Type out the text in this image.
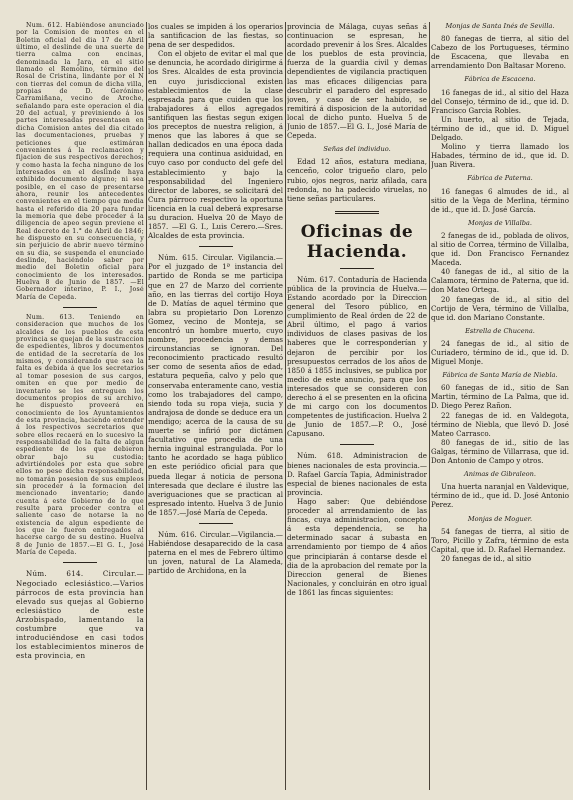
Num. 612. Habiéndose anunciado por la Comision de montes en el Boletin oficial del dia 17 de Abril último, el deslinde de una suerte de tierra calma con encinas, denominada la Jara, en el sitio llamado el Remolino, término del Rosal de Cristina, lindante por el N con tierras del comun de dicha villa, propias de D. Gerónimo Carramiñana, vecino de Aroche, señalando para este operacion el dia 20 del actual, y previniendo á los partes interesadas presentasen en dicha Comision antes del dia citado las documentaciones, pruebas y peticiones que estimáran convenientes á la reclamacion y fijacion de sus respectivos derechos; y como hasta la fecha ninguno de los interesados en el deslinde haya exhibido documento alguno; ni sea posible, en el caso de presentarse ahora, reunir los antecedentes convenientes en el tiempo que media hasta el referido dia 20 para fundar la memoria que debe proceder á la diligencia de apeo segun previene el Real decreto de 1.° de Abril de 1846; he dispuesto en su consecuencia, y sin perjuicio de abrir nuevo término en su dia, se suspenda el enunciado deslinde, haciéndolo saber por medio del Boletin oficial para conocimiento de los interesados. Huelva 8 de Junio de 1857. —El Gobernador interino, P. I., José María de Cepeda.

Num. 613. Teniendo en consideracion que muchos de los alcaldes de los pueblos de esta provincia se quejan de la sustraccion de espedientes, libros y documentos de entidad de la secretaría de los mismos, y considerando que sea la falta es debida á que los secretarios al tomar posesion de sus cargos, omiten en que por medio de inventario se les entreguen los documentos propios de su archivo, he dispuesto proveerá en conocimiento de los Ayuntamientos de esta provincia, haciendo entender á los respectivos secretarios que sobre ellos recaerá en lo sucesivo la responsabilidad de la falta de algun espediente de los que debieron obrar bajo su custodia; advirtiéndoles por esta que sobre ellos no pese dicha responsabilidad, no tomarán posesion de sus empleos sin proceder á la formacion del mencionado inventario; dando cuenta á este Gobierno de lo que resulte para proceder contra el saliente caso de notarse la no existencia de algun espediente de los que le fueron entregados al hacerse cargo de su destino. Huelva 8 de Junio de 1857.—El G. I., José María de Cepeda.

Núm. 614. Circular.—Negociado eclesiástico.—Varios párrocos de esta provincia han elevado sus quejas al Gobierno eclesiástico de este Arzobispado, lamentando la costumbre que va introduciéndose en casi todos los establecimientos mineros de esta provincia, en

los cuales se impiden á los operarios la santificacion de las fiestas, so pena de ser despedidos.

Con el objeto de evitar el mal que se denuncia, he acordado dirigirme á los Sres. Alcaldes de esta provincia en cuyo jurisdiccional existen establecimientos de la clase espresada para que cuiden que los trabajadores á ellos agregados santifiquen las fiestas segun exigen los preceptos de nuestra religion, á menos que las labores á que se hallan dedicados en una época dada requiera una continua asiduidad, en cuyo caso por conducto del gefe del establecimiento y bajo la responsabilidad del Ingeniero director de labores, se solicitará del Cura párroco respectivo la oportuna licencia en la cual deberá expresarse su duracion. Huelva 20 de Mayo de 1857. —El G. I., Luis Cerero.—Sres. Alcaldes de esta provincia.

Núm. 615. Circular. Vigilancia.—Por el juzgado de 1ª instancia del partido de Ronda se me participa que en 27 de Marzo del corriente año, en las tierras del cortijo Hoya de D. Matías de aquel término que labra su propietario Don Lorenzo Gomez, vecino de Monteja, se encontró un hombre muerto, cuyo nombre, procedencia y demas circunstancias se ignoran. Del reconocimiento practicado resultó ser como de sesenta años de edad, estatura pequeña, calvo y pelo que conservaba enteramente cano, vestia como los trabajadores del campo, siendo toda su ropa vieja, sucia y andrajosa de donde se deduce era un mendigo; acerca de la causa de su muerte se infirió por dictámen facultativo que procedia de una hernia inguinal estrangulada. Por lo tanto he acordado se haga público en este periódico oficial para que pueda llegar á noticia de persona interesada que declare é ilustre las averiguaciones que se practican al espresado intento. Huelva 3 de Junio de 1857.—José María de Cepeda.

Núm. 616. Circular.—Vigilancia.—Habiéndose desaparecido de la casa paterna en el mes de Febrero último un joven, natural de La Alameda, partido de Archidona, en la

provincia de Málaga, cuyas señas á continuacion se espresan, he acordado prevenir á los Sres. Alcaldes de los pueblos de esta provincia, fuerza de la guardia civil y demas dependientes de vigilancia practiquen las mas eficaces diligencias para descubrir el paradero del espresado joven, y caso de ser habido, se remitirá á disposicion de la autoridad local de dicho punto. Huelva 5 de Junio de 1857.—El G. I., José María de Cepeda.

Señas del individuo.

Edad 12 años, estatura mediana, cenceño, color trigueño claro, pelo rubio, ojos negros, nariz afilada, cara redonda, no ha padecido viruelas, no tiene señas particulares.

Oficinas de Hacienda.

Núm. 617. Contaduría de Hacienda pública de la provincia de Huelva.—Estando acordado por la Direccion general del Tesoro público, en cumplimiento de Real órden de 22 de Abril último, el pago á varios individuos de clases pasivas de los haberes que le corresponderían y dejaron de percibir por los presupuestos cerrados de los años de 1850 á 1855 inclusives, se publica por medio de este anuncio, para que los interesados que se consideren con derecho á el se presenten en la oficina de mi cargo con los documentos competentes de justificacion. Huelva 2 de Junio de 1857.—P. O., José Capusano.

Núm. 618. Administracion de bienes nacionales de esta provincia.—D. Rafael García Tapia, Administrador especial de bienes nacionales de esta provincia.

Hago saber: Que debiéndose proceder al arrendamiento de las fincas, cuya administracion, concepto á esta dependencia, se ha determinado sacar á subasta en arrendamiento por tiempo de 4 años que principiarán á contarse desde el dia de la aprobacion del remate por la Direccion general de Bienes Nacionales, y concluirán en otro igual de 1861 las fincas siguientes:

Monjas de Santa Inés de Sevilla.

80 fanegas de tierra, al sitio del Cabezo de los Portugueses, término de Escacena, que llevaba en arrendamiento Don Baltasar Moreno.

Fábrica de Escacena.

16 fanegas de id., al sitio del Haza del Consejo, término de id., que id. D. Francisco Garcia Robles.

Un huerto, al sitio de Tejada, término de id., que id. D. Miguel Delgado.

Molino y tierra llamado los Habades, término de id., que id. D. Juan Rivera.

Fábrica de Paterna.

16 fanegas 6 almudes de id., al sitio de la Vega de Merlina, término de id., que id. D. José García.

Monjas de Villalba.

2 fanegas de id., poblada de olivos, al sitio de Correa, término de Villalba, que id. Don Francisco Fernandez Maceda.

40 fanegas de id., al sitio de la Calamora, término de Paterna, que id. don Mateo Ortega.

20 fanegas de id., al sitio del Cortijo de Vera, término de Villalba, que id. don Mariano Constante.

Estrella de Chucena.

24 fanegas de id., al sitio de Curiadero, término de id., que id. D. Miguel Monje.

Fábrica de Santa María de Niebla.

60 fanegas de id., sitio de San Martin, término de La Palma, que id. D. Diego Perez Rañon.

22 fanegas de id. en Valdegota, término de Niebla, que llevó D. José Mateo Carrasco.

80 fanegas de id., sitio de las Galgas, término de Villarrasa, que id. Don Antonio de Campo y otros.

Animas de Gibraleon.

Una huerta naranjal en Valdevique, término de id., que id. D. José Antonio Perez.

Monjas de Moguer.

54 fanegas de tierra, al sitio de Toro, Picillo y Zafra, término de esta Capital, que id. D. Rafael Hernandez.

20 fanegas de id., al sitio
